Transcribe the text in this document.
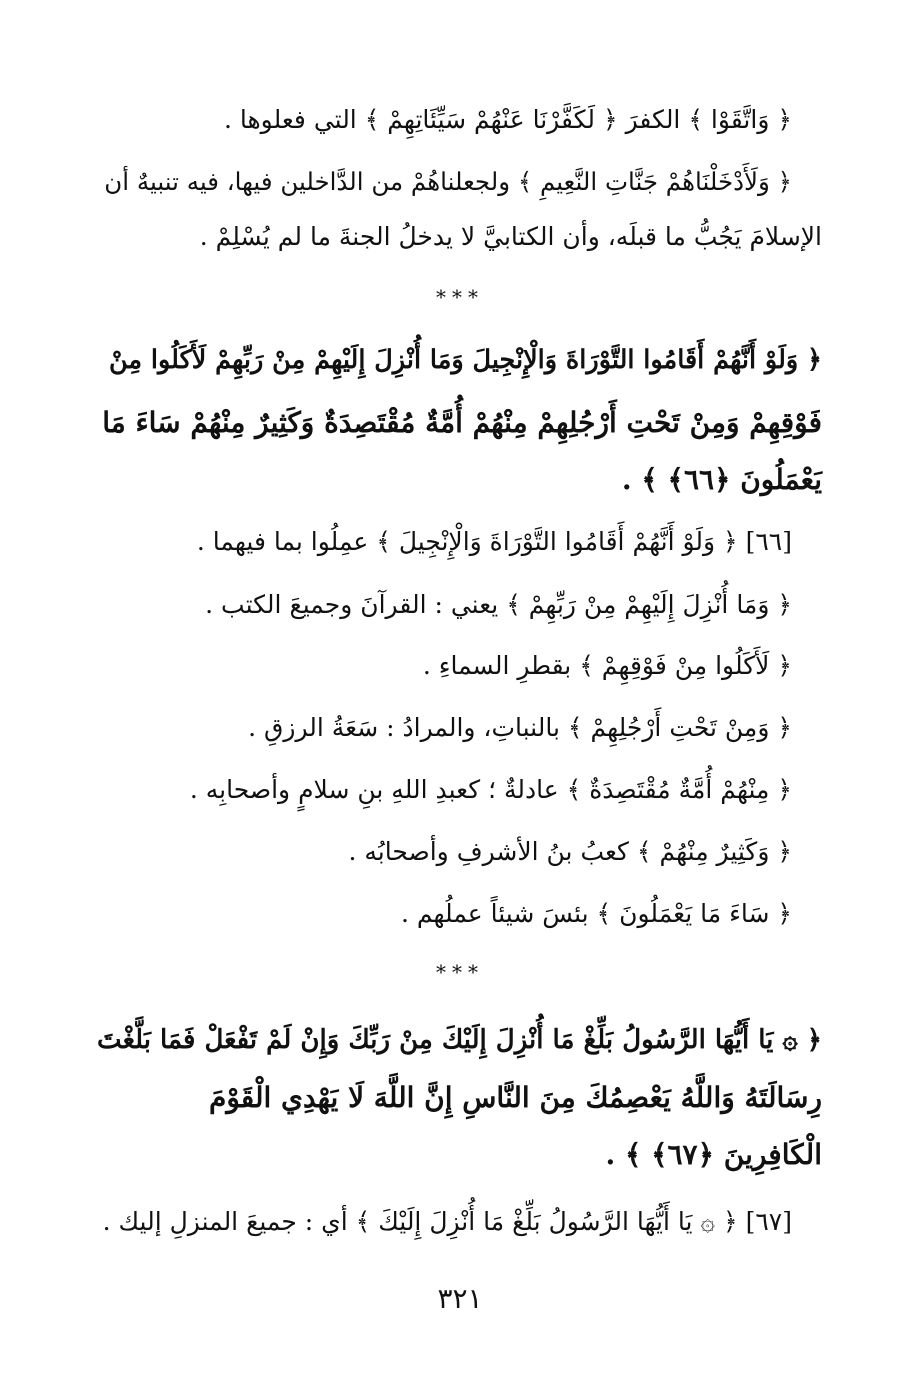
﴿ وَاتَّقَوْا ﴾ الكفرَ ﴿ لَكَفَّرْنَا عَنْهُمْ سَيِّئَاتِهِمْ ﴾ التي فعلوها .
﴿ وَلَأَدْخَلْنَاهُمْ جَنَّاتِ النَّعِيمِ ﴾ ولجعلناهُمْ من الدَّاخلين فيها، فيه تنبيهٌ أن
الإسلامَ يَجُبُّ ما قبلَه، وأن الكتابيَّ لا يدخلُ الجنةَ ما لم يُسْلِمْ .
***
﴿ وَلَوْ أَنَّهُمْ أَقَامُوا التَّوْرَاةَ وَالْإِنْجِيلَ وَمَا أُنْزِلَ إِلَيْهِمْ مِنْ رَبِّهِمْ لَأَكَلُوا مِنْ
فَوْقِهِمْ وَمِنْ تَحْتِ أَرْجُلِهِمْ مِنْهُمْ أُمَّةٌ مُقْتَصِدَةٌ وَكَثِيرٌ مِنْهُمْ سَاءَ مَا
يَعْمَلُونَ ﴿٦٦﴾ ﴾ .
[٦٦] ﴿ وَلَوْ أَنَّهُمْ أَقَامُوا التَّوْرَاةَ وَالْإِنْجِيلَ ﴾ عمِلُوا بما فيهما .
﴿ وَمَا أُنْزِلَ إِلَيْهِمْ مِنْ رَبِّهِمْ ﴾ يعني : القرآنَ وجميعَ الكتب .
﴿ لَأَكَلُوا مِنْ فَوْقِهِمْ ﴾ بقطرِ السماءِ .
﴿ وَمِنْ تَحْتِ أَرْجُلِهِمْ ﴾ بالنباتِ، والمرادُ : سَعَةُ الرزقِ .
﴿ مِنْهُمْ أُمَّةٌ مُقْتَصِدَةٌ ﴾ عادلةٌ ؛ كعبدِ اللهِ بنِ سلامٍ وأصحابِه .
﴿ وَكَثِيرٌ مِنْهُمْ ﴾ كعبُ بنُ الأشرفِ وأصحابُه .
﴿ سَاءَ مَا يَعْمَلُونَ ﴾ بئسَ شيئاً عملُهم .
***
﴿ ۞ يَا أَيُّهَا الرَّسُولُ بَلِّغْ مَا أُنْزِلَ إِلَيْكَ مِنْ رَبِّكَ وَإِنْ لَمْ تَفْعَلْ فَمَا بَلَّغْتَ
رِسَالَتَهُ وَاللَّهُ يَعْصِمُكَ مِنَ النَّاسِ إِنَّ اللَّهَ لَا يَهْدِي الْقَوْمَ
الْكَافِرِينَ ﴿٦٧﴾ ﴾ .
[٦٧] ﴿ ۞ يَا أَيُّهَا الرَّسُولُ بَلِّغْ مَا أُنْزِلَ إِلَيْكَ ﴾ أي : جميعَ المنزلِ إليك .
٣٢١
